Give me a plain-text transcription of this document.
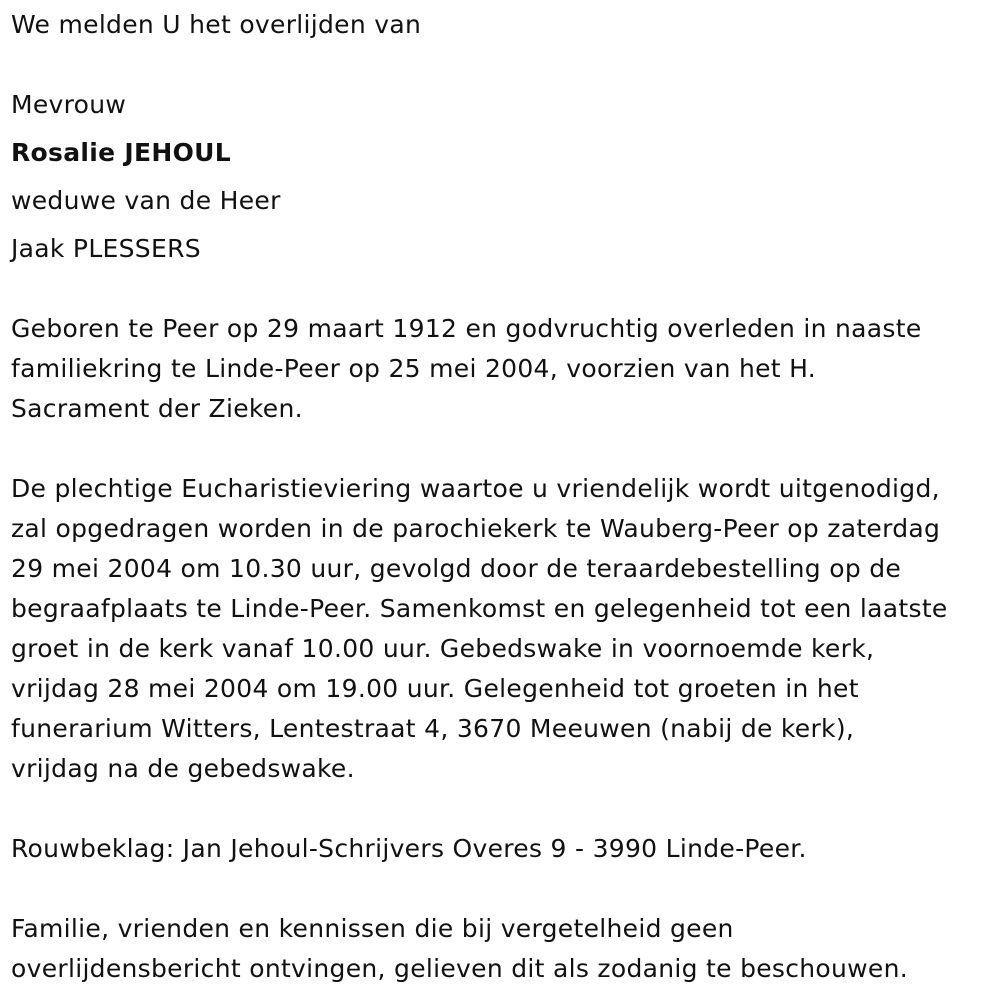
We melden U het overlijden van
Mevrouw
Rosalie JEHOUL
weduwe van de Heer
Jaak PLESSERS
Geboren te Peer op 29 maart 1912 en godvruchtig overleden in naaste
familiekring te Linde-Peer op 25 mei 2004, voorzien van het H.
Sacrament der Zieken.
De plechtige Eucharistieviering waartoe u vriendelijk wordt uitgenodigd,
zal opgedragen worden in de parochiekerk te Wauberg-Peer op zaterdag
29 mei 2004 om 10.30 uur, gevolgd door de teraardebestelling op de
begraafplaats te Linde-Peer. Samenkomst en gelegenheid tot een laatste
groet in de kerk vanaf 10.00 uur. Gebedswake in voornoemde kerk,
vrijdag 28 mei 2004 om 19.00 uur. Gelegenheid tot groeten in het
funerarium Witters, Lentestraat 4, 3670 Meeuwen (nabij de kerk),
vrijdag na de gebedswake.
Rouwbeklag: Jan Jehoul-Schrijvers Overes 9 - 3990 Linde-Peer.
Familie, vrienden en kennissen die bij vergetelheid geen
overlijdensbericht ontvingen, gelieven dit als zodanig te beschouwen.
